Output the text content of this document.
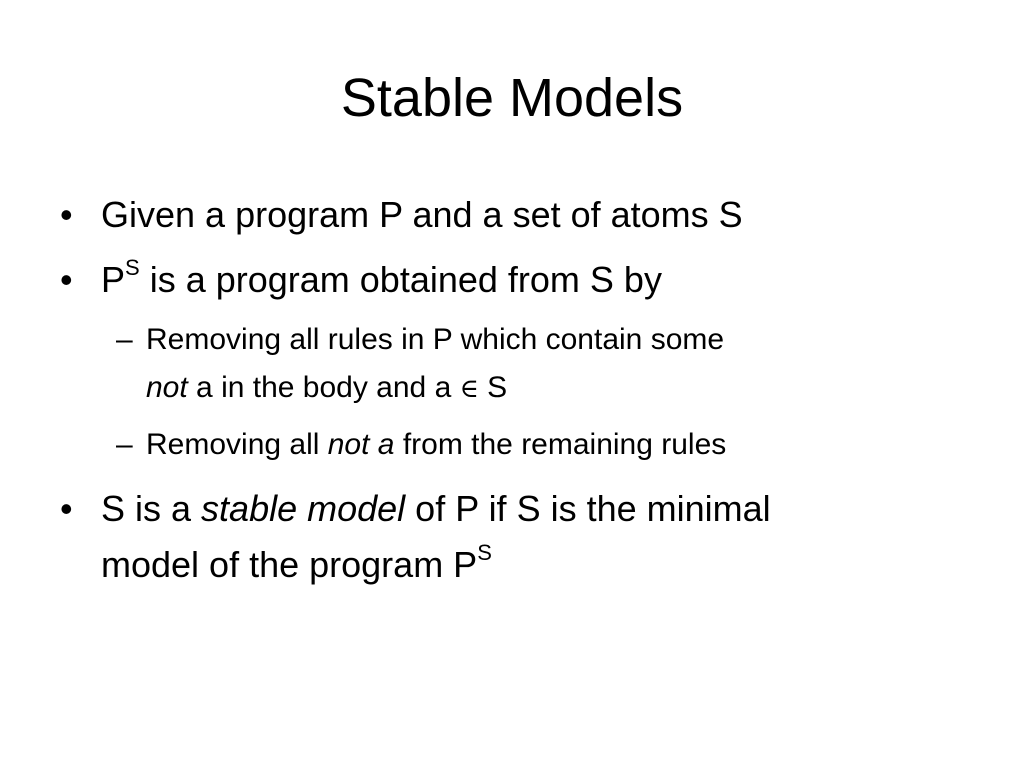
Stable Models
• Given a program P and a set of atoms S

• $P^S$ is a program obtained from S by

– Removing all rules in P which contain some

not a in the body and a ∈ S

– Removing all not a from the remaining rules

• S is a stable model of P if S is the minimal

model of the program $P^S$
